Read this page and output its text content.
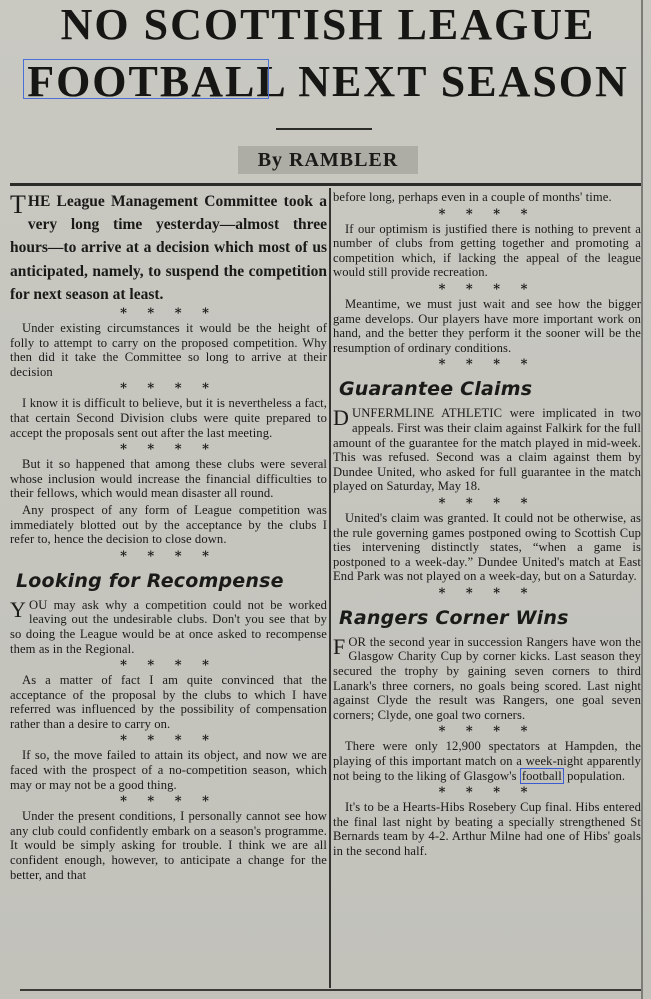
NO SCOTTISH LEAGUE
FOOTBALL NEXT SEASON
By RAMBLER

THE League Management Committee took a very long time yesterday—almost three hours—to arrive at a decision which most of us anticipated, namely, to suspend the competition for next season at least.

* * * *

Under existing circumstances it would be the height of folly to attempt to carry on the proposed competition. Why then did it take the Committee so long to arrive at their decision

* * * *

I know it is difficult to believe, but it is nevertheless a fact, that certain Second Division clubs were quite prepared to accept the proposals sent out after the last meeting.

* * * *

But it so happened that among these clubs were several whose inclusion would increase the financial difficulties to their fellows, which would mean disaster all round.

Any prospect of any form of League competition was immediately blotted out by the acceptance by the clubs I refer to, hence the decision to close down.

* * * *

Looking for Recompense

YOU may ask why a competition could not be worked leaving out the undesirable clubs. Don't you see that by so doing the League would be at once asked to recompense them as in the Regional.

* * * *

As a matter of fact I am quite convinced that the acceptance of the proposal by the clubs to which I have referred was influenced by the possibility of compensation rather than a desire to carry on.

* * * *

If so, the move failed to attain its object, and now we are faced with the prospect of a no-competition season, which may or may not be a good thing.

* * * *

Under the present conditions, I personally cannot see how any club could confidently embark on a season's programme. It would be simply asking for trouble. I think we are all confident enough, however, to anticipate a change for the better, and that

before long, perhaps even in a couple of months' time.

* * * *

If our optimism is justified there is nothing to prevent a number of clubs from getting together and promoting a competition which, if lacking the appeal of the league would still provide recreation.

* * * *

Meantime, we must just wait and see how the bigger game develops. Our players have more important work on hand, and the better they perform it the sooner will be the resumption of ordinary conditions.

* * * *

Guarantee Claims

DUNFERMLINE ATHLETIC were implicated in two appeals. First was their claim against Falkirk for the full amount of the guarantee for the match played in mid-week. This was refused. Second was a claim against them by Dundee United, who asked for full guarantee in the match played on Saturday, May 18.

* * * *

United's claim was granted. It could not be otherwise, as the rule governing games postponed owing to Scottish Cup ties intervening distinctly states, “when a game is postponed to a week-day.” Dundee United's match at East End Park was not played on a week-day, but on a Saturday.

* * * *

Rangers Corner Wins

FOR the second year in succession Rangers have won the Glasgow Charity Cup by corner kicks. Last season they secured the trophy by gaining seven corners to third Lanark's three corners, no goals being scored. Last night against Clyde the result was Rangers, one goal seven corners; Clyde, one goal two corners.

* * * *

There were only 12,900 spectators at Hampden, the playing of this important match on a week-night apparently not being to the liking of Glasgow's football population.

* * * *

It's to be a Hearts-Hibs Rosebery Cup final. Hibs entered the final last night by beating a specially strengthened St Bernards team by 4-2. Arthur Milne had one of Hibs' goals in the second half.
